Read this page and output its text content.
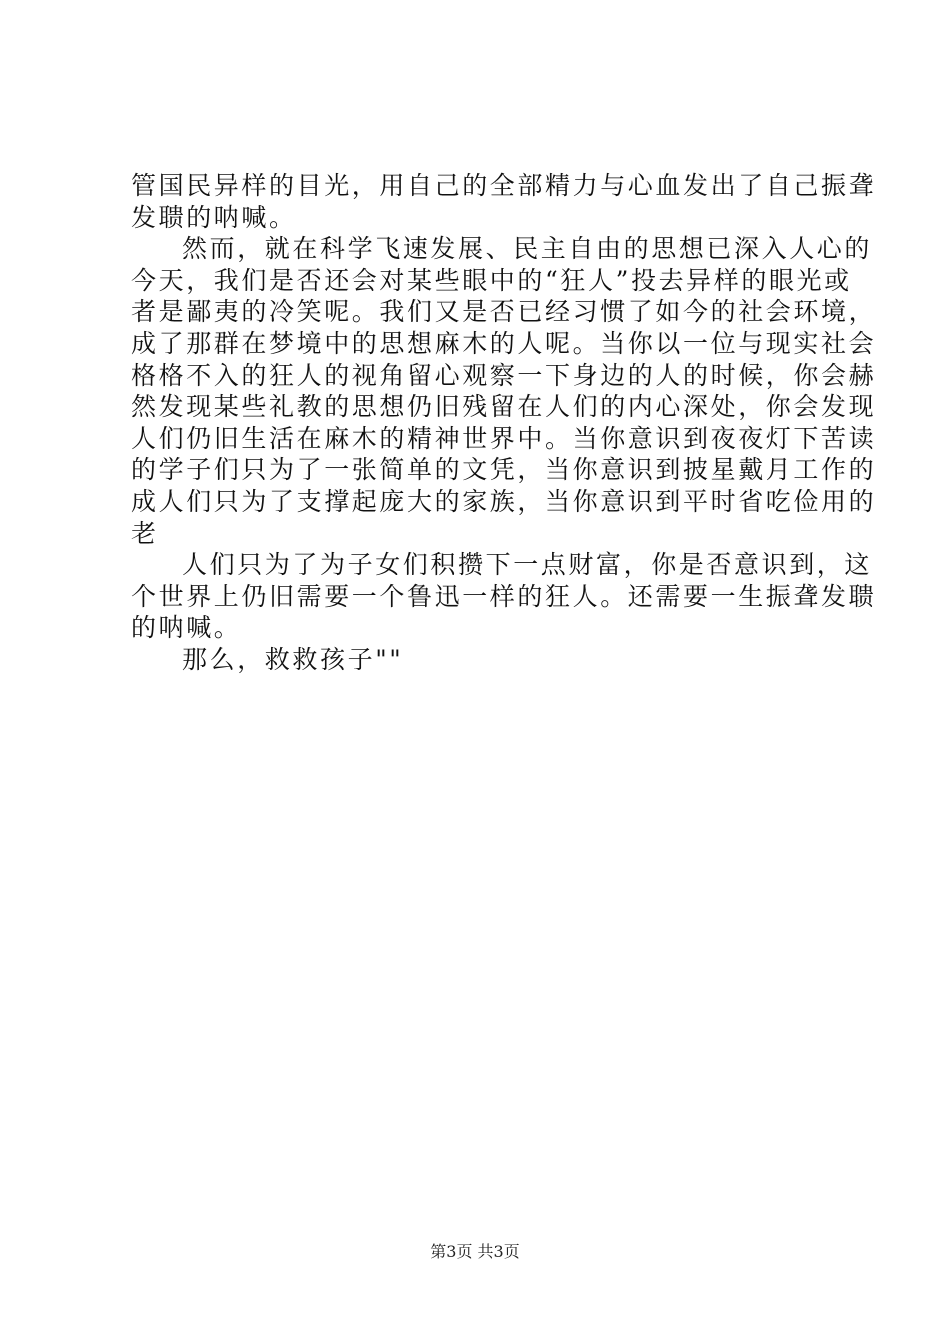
管国民异样的目光，用自己的全部精力与心血发出了自己振聋
发聩的呐喊。
然而，就在科学飞速发展、民主自由的思想已深入人心的
今天，我们是否还会对某些眼中的“狂人”投去异样的眼光或
者是鄙夷的冷笑呢。我们又是否已经习惯了如今的社会环境，
成了那群在梦境中的思想麻木的人呢。当你以一位与现实社会
格格不入的狂人的视角留心观察一下身边的人的时候，你会赫
然发现某些礼教的思想仍旧残留在人们的内心深处，你会发现
人们仍旧生活在麻木的精神世界中。当你意识到夜夜灯下苦读
的学子们只为了一张简单的文凭，当你意识到披星戴月工作的
成人们只为了支撑起庞大的家族，当你意识到平时省吃俭用的
老
人们只为了为子女们积攒下一点财富，你是否意识到，这
个世界上仍旧需要一个鲁迅一样的狂人。还需要一生振聋发聩
的呐喊。
那么，救救孩子""
第3页 共3页
